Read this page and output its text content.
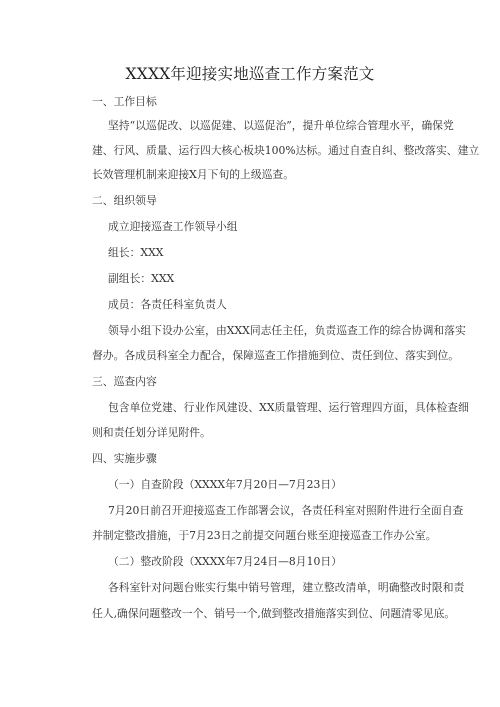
XXXX年迎接实地巡查工作方案范文
一、工作目标
坚持“以巡促改、以巡促建、以巡促治”，提升单位综合管理水平，确保党
建、行风、质量、运行四大核心板块100%达标。通过自查自纠、整改落实、建立
长效管理机制来迎接X月下旬的上级巡查。
二、组织领导
成立迎接巡查工作领导小组
组长：XXX
副组长：XXX
成员：各责任科室负责人
领导小组下设办公室，由XXX同志任主任，负责巡查工作的综合协调和落实
督办。各成员科室全力配合，保障巡查工作措施到位、责任到位、落实到位。
三、巡查内容
包含单位党建、行业作风建设、XX质量管理、运行管理四方面，具体检查细
则和责任划分详见附件。
四、实施步骤
（一）自查阶段（XXXX年7月20日—7月23日）
7月20日前召开迎接巡查工作部署会议，各责任科室对照附件进行全面自查
并制定整改措施，于7月23日之前提交问题台账至迎接巡查工作办公室。
（二）整改阶段（XXXX年7月24日—8月10日）
各科室针对问题台账实行集中销号管理，建立整改清单，明确整改时限和责
任人,确保问题整改一个、销号一个,做到整改措施落实到位、问题清零见底。
